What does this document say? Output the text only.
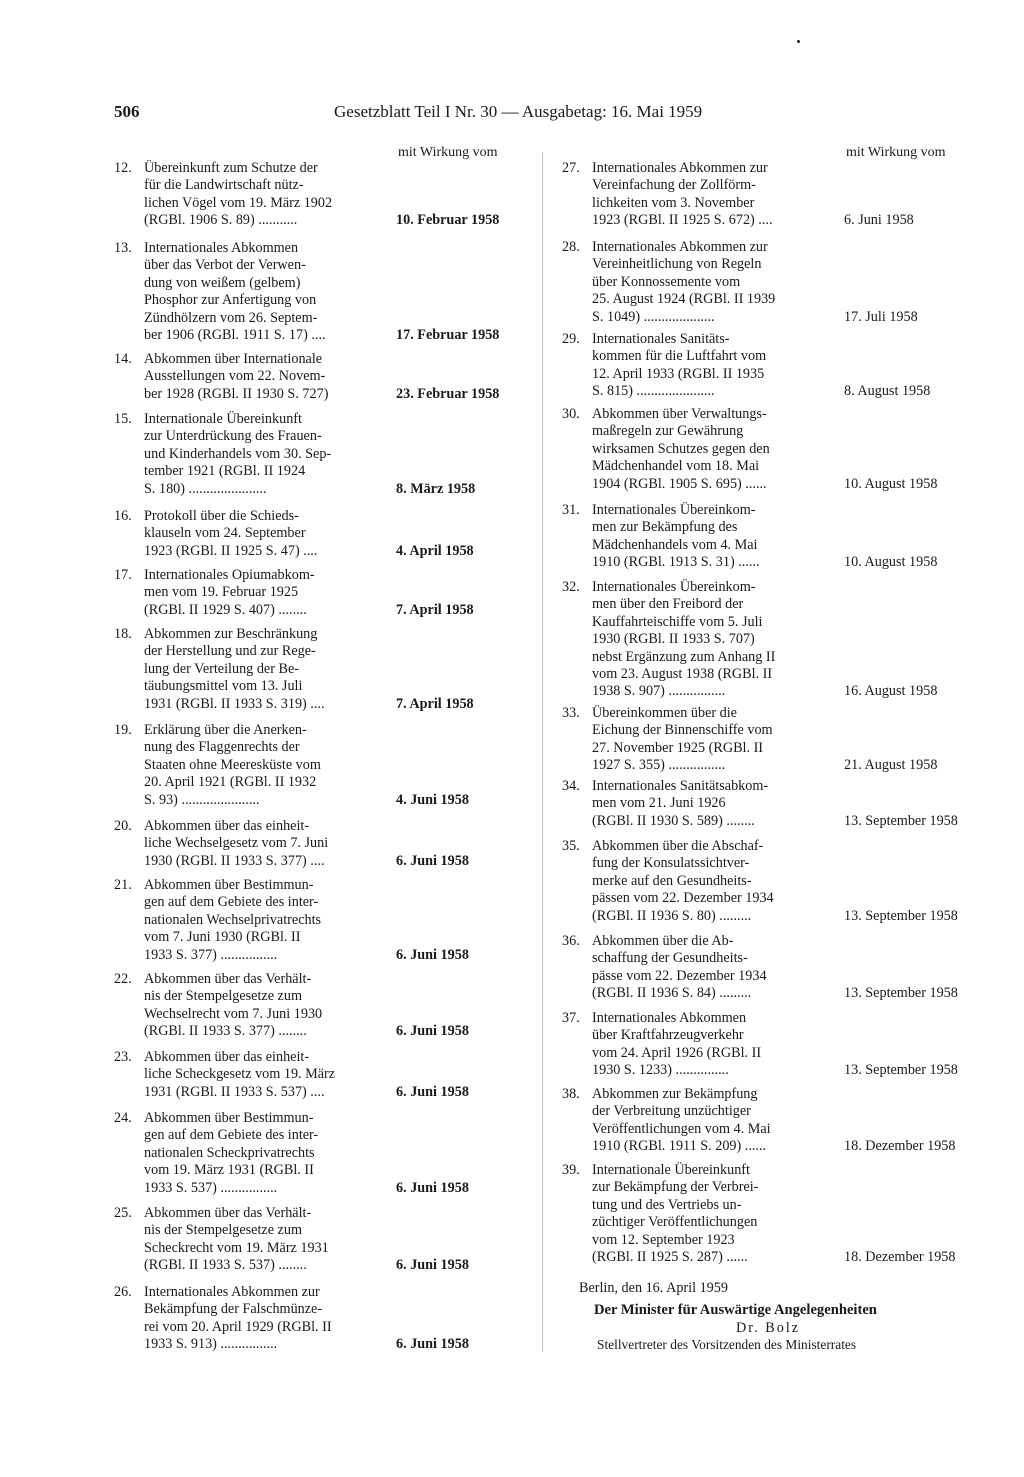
506	Gesetzblatt Teil I Nr. 30 — Ausgabetag: 16. Mai 1959
mit Wirkung vom	mit Wirkung vom
12. Übereinkunft zum Schutze der
für die Landwirtschaft nütz-
lichen Vögel vom 19. März 1902
(RGBl. 1906 S. 89) ...........	10. Februar 1958
13. Internationales Abkommen
über das Verbot der Verwen-
dung von weißem (gelbem)
Phosphor zur Anfertigung von
Zündhölzern vom 26. Septem-
ber 1906 (RGBl. 1911 S. 17) ....	17. Februar 1958
14. Abkommen über Internationale
Ausstellungen vom 22. Novem-
ber 1928 (RGBl. II 1930 S. 727)	23. Februar 1958
15. Internationale Übereinkunft
zur Unterdrückung des Frauen-
und Kinderhandels vom 30. Sep-
tember 1921 (RGBl. II 1924
S. 180) ......................	8. März 1958
16. Protokoll über die Schieds-
klauseln vom 24. September
1923 (RGBl. II 1925 S. 47) ....	4. April 1958
17. Internationales Opiumabkom-
men vom 19. Februar 1925
(RGBl. II 1929 S. 407) ........	7. April 1958
18. Abkommen zur Beschränkung
der Herstellung und zur Rege-
lung der Verteilung der Be-
täubungsmittel vom 13. Juli
1931 (RGBl. II 1933 S. 319) ....	7. April 1958
19. Erklärung über die Anerken-
nung des Flaggenrechts der
Staaten ohne Meeresküste vom
20. April 1921 (RGBl. II 1932
S. 93) ......................	4. Juni 1958
20. Abkommen über das einheit-
liche Wechselgesetz vom 7. Juni
1930 (RGBl. II 1933 S. 377) ....	6. Juni 1958
21. Abkommen über Bestimmun-
gen auf dem Gebiete des inter-
nationalen Wechselprivatrechts
vom 7. Juni 1930 (RGBl. II
1933 S. 377) ................	6. Juni 1958
22. Abkommen über das Verhält-
nis der Stempelgesetze zum
Wechselrecht vom 7. Juni 1930
(RGBl. II 1933 S. 377) ........	6. Juni 1958
23. Abkommen über das einheit-
liche Scheckgesetz vom 19. März
1931 (RGBl. II 1933 S. 537) ....	6. Juni 1958
24. Abkommen über Bestimmun-
gen auf dem Gebiete des inter-
nationalen Scheckprivatrechts
vom 19. März 1931 (RGBl. II
1933 S. 537) ................	6. Juni 1958
25. Abkommen über das Verhält-
nis der Stempelgesetze zum
Scheckrecht vom 19. März 1931
(RGBl. II 1933 S. 537) ........	6. Juni 1958
26. Internationales Abkommen zur
Bekämpfung der Falschmünze-
rei vom 20. April 1929 (RGBl. II
1933 S. 913) ................	6. Juni 1958
27. Internationales Abkommen zur
Vereinfachung der Zollförm-
lichkeiten vom 3. November
1923 (RGBl. II 1925 S. 672) ....	6. Juni 1958
28. Internationales Abkommen zur
Vereinheitlichung von Regeln
über Konnossemente vom
25. August 1924 (RGBl. II 1939
S. 1049) ....................	17. Juli 1958
29. Internationales Sanitäts-
kommen für die Luftfahrt vom
12. April 1933 (RGBl. II 1935
S. 815) ......................	8. August 1958
30. Abkommen über Verwaltungs-
maßregeln zur Gewährung
wirksamen Schutzes gegen den
Mädchenhandel vom 18. Mai
1904 (RGBl. 1905 S. 695) ......	10. August 1958
31. Internationales Übereinkom-
men zur Bekämpfung des
Mädchenhandels vom 4. Mai
1910 (RGBl. 1913 S. 31) ......	10. August 1958
32. Internationales Übereinkom-
men über den Freibord der
Kauffahrteischiffe vom 5. Juli
1930 (RGBl. II 1933 S. 707)
nebst Ergänzung zum Anhang II
vom 23. August 1938 (RGBl. II
1938 S. 907) ................	16. August 1958
33. Übereinkommen über die
Eichung der Binnenschiffe vom
27. November 1925 (RGBl. II
1927 S. 355) ................	21. August 1958
34. Internationales Sanitätsabkom-
men vom 21. Juni 1926
(RGBl. II 1930 S. 589) ........	13. September 1958
35. Abkommen über die Abschaf-
fung der Konsulatssichtver-
merke auf den Gesundheits-
pässen vom 22. Dezember 1934
(RGBl. II 1936 S. 80) .........	13. September 1958
36. Abkommen über die Ab-
schaffung der Gesundheits-
pässe vom 22. Dezember 1934
(RGBl. II 1936 S. 84) .........	13. September 1958
37. Internationales Abkommen
über Kraftfahrzeugverkehr
vom 24. April 1926 (RGBl. II
1930 S. 1233) ...............	13. September 1958
38. Abkommen zur Bekämpfung
der Verbreitung unzüchtiger
Veröffentlichungen vom 4. Mai
1910 (RGBl. 1911 S. 209) ......	18. Dezember 1958
39. Internationale Übereinkunft
zur Bekämpfung der Verbrei-
tung und des Vertriebs un-
züchtiger Veröffentlichungen
vom 12. September 1923
(RGBl. II 1925 S. 287) ......	18. Dezember 1958
Berlin, den 16. April 1959
Der Minister für Auswärtige Angelegenheiten
Dr. Bolz
Stellvertreter des Vorsitzenden des Ministerrates
